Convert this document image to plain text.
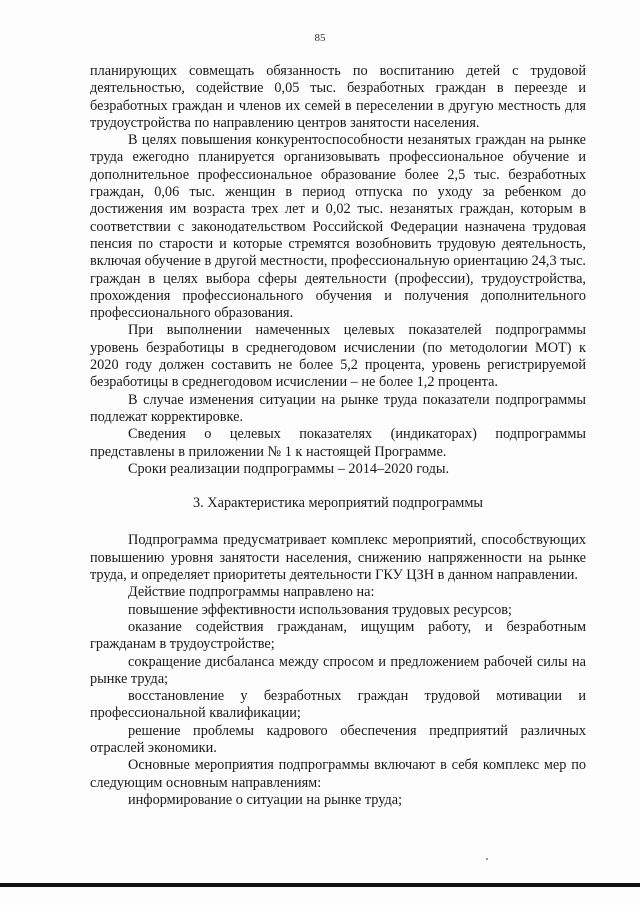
85

планирующих совмещать обязанность по воспитанию детей с трудовой деятельностью, содействие 0,05 тыс. безработных граждан в переезде и безработных граждан и членов их семей в переселении в другую местность для трудоустройства по направлению центров занятости населения.

В целях повышения конкурентоспособности незанятых граждан на рынке труда ежегодно планируется организовывать профессиональное обучение и дополнительное профессиональное образование более 2,5 тыс. безработных граждан, 0,06 тыс. женщин в период отпуска по уходу за ребенком до достижения им возраста трех лет и 0,02 тыс. незанятых граждан, которым в соответствии с законодательством Российской Федерации назначена трудовая пенсия по старости и которые стремятся возобновить трудовую деятельность, включая обучение в другой местности, профессиональную ориентацию 24,3 тыс. граждан в целях выбора сферы деятельности (профессии), трудоустройства, прохождения профессионального обучения и получения дополнительного профессионального образования.

При выполнении намеченных целевых показателей подпрограммы уровень безработицы в среднегодовом исчислении (по методологии МОТ) к 2020 году должен составить не более 5,2 процента, уровень регистрируемой безработицы в среднегодовом исчислении – не более 1,2 процента.

В случае изменения ситуации на рынке труда показатели подпрограммы подлежат корректировке.

Сведения о целевых показателях (индикаторах) подпрограммы представлены в приложении № 1 к настоящей Программе.

Сроки реализации подпрограммы – 2014–2020 годы.

3. Характеристика мероприятий подпрограммы

Подпрограмма предусматривает комплекс мероприятий, способствующих повышению уровня занятости населения, снижению напряженности на рынке труда, и определяет приоритеты деятельности ГКУ ЦЗН в данном направлении.

Действие подпрограммы направлено на:

повышение эффективности использования трудовых ресурсов;

оказание содействия гражданам, ищущим работу, и безработным гражданам в трудоустройстве;

сокращение дисбаланса между спросом и предложением рабочей силы на рынке труда;

восстановление у безработных граждан трудовой мотивации и профессиональной квалификации;

решение проблемы кадрового обеспечения предприятий различных отраслей экономики.

Основные мероприятия подпрограммы включают в себя комплекс мер по следующим основным направлениям:

информирование о ситуации на рынке труда;
